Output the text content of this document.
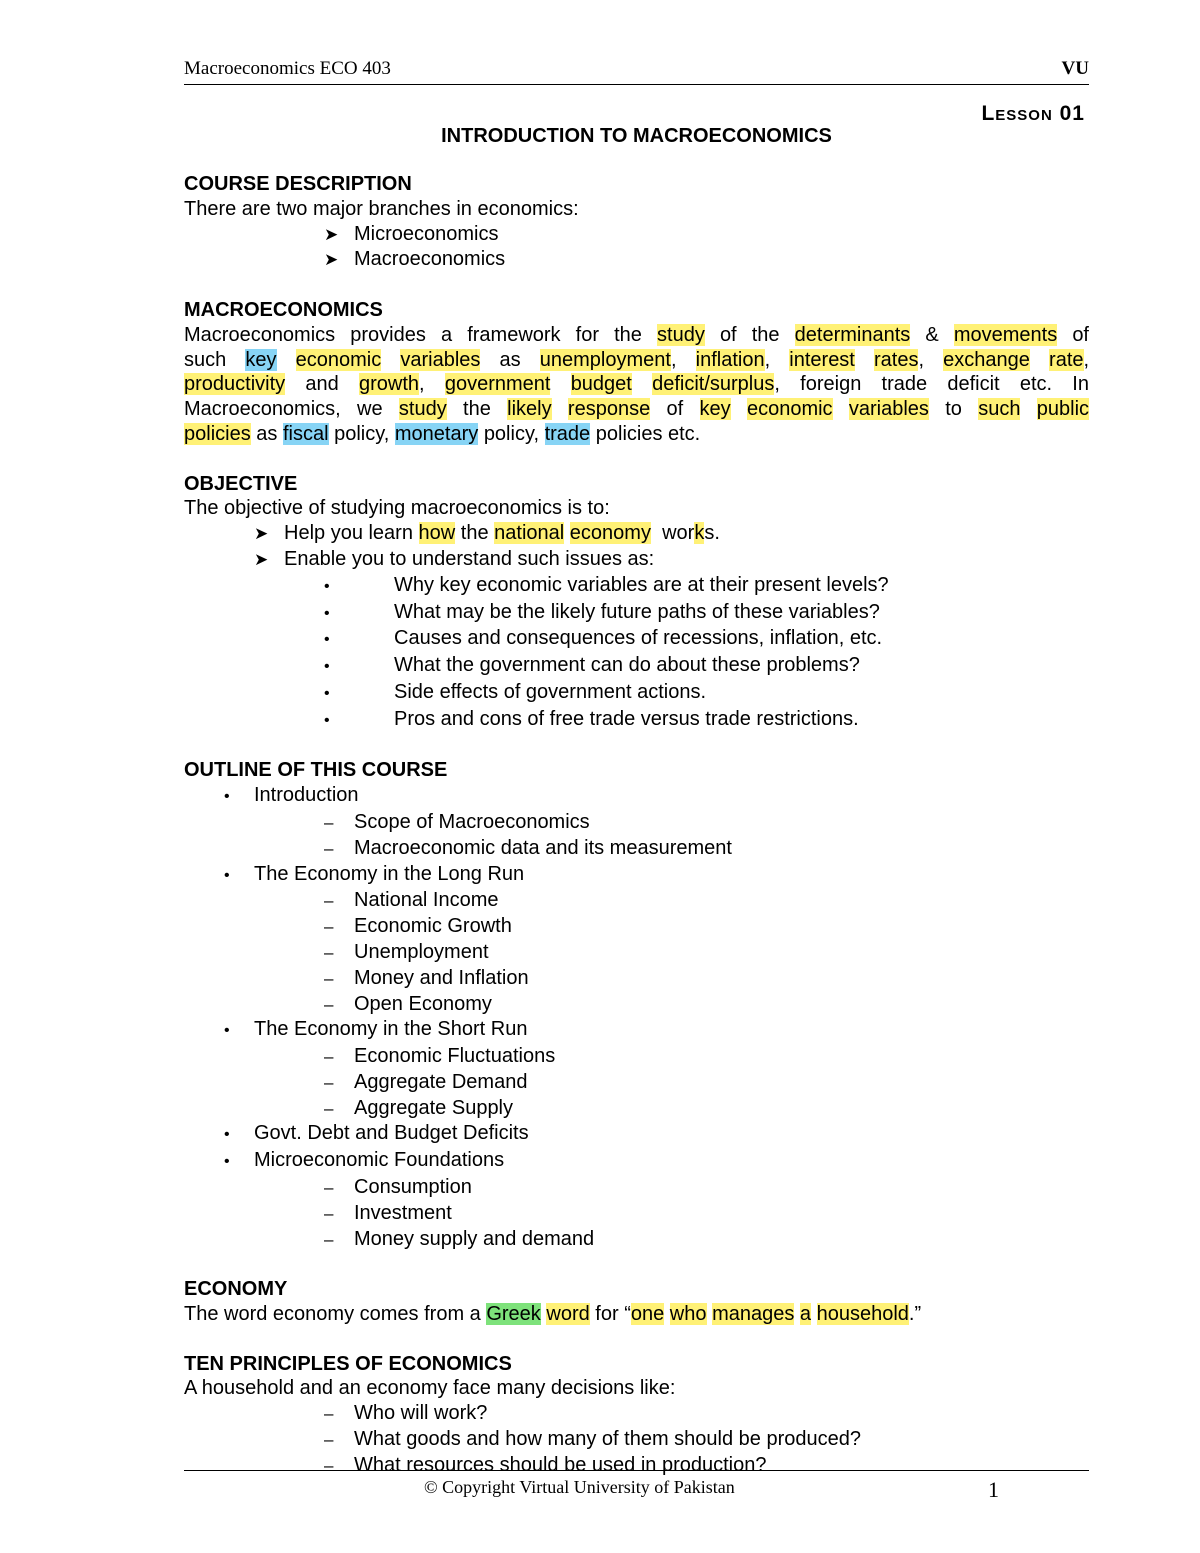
Macroeconomics ECO 403	VU
Lesson 01
INTRODUCTION TO MACROECONOMICS
COURSE DESCRIPTION
There are two major branches in economics:
➤ Microeconomics
➤ Macroeconomics
MACROECONOMICS
Macroeconomics provides a framework for the study of the determinants & movements of
such key economic variables as unemployment, inflation, interest rates, exchange rate,
productivity and growth, government budget deficit/surplus, foreign trade deficit etc. In
Macroeconomics, we study the likely response of key economic variables to such public
policies as fiscal policy, monetary policy, trade policies etc.
OBJECTIVE
The objective of studying macroeconomics is to:
➤ Help you learn how the national economy works.
➤ Enable you to understand such issues as:
•	Why key economic variables are at their present levels?
•	What may be the likely future paths of these variables?
•	Causes and consequences of recessions, inflation, etc.
•	What the government can do about these problems?
•	Side effects of government actions.
•	Pros and cons of free trade versus trade restrictions.
OUTLINE OF THIS COURSE
• Introduction
– Scope of Macroeconomics
– Macroeconomic data and its measurement
• The Economy in the Long Run
– National Income
– Economic Growth
– Unemployment
– Money and Inflation
– Open Economy
• The Economy in the Short Run
– Economic Fluctuations
– Aggregate Demand
– Aggregate Supply
• Govt. Debt and Budget Deficits
• Microeconomic Foundations
– Consumption
– Investment
– Money supply and demand
ECONOMY
The word economy comes from a Greek word for “one who manages a household.”
TEN PRINCIPLES OF ECONOMICS
A household and an economy face many decisions like:
– Who will work?
– What goods and how many of them should be produced?
– What resources should be used in production?
© Copyright Virtual University of Pakistan	1
